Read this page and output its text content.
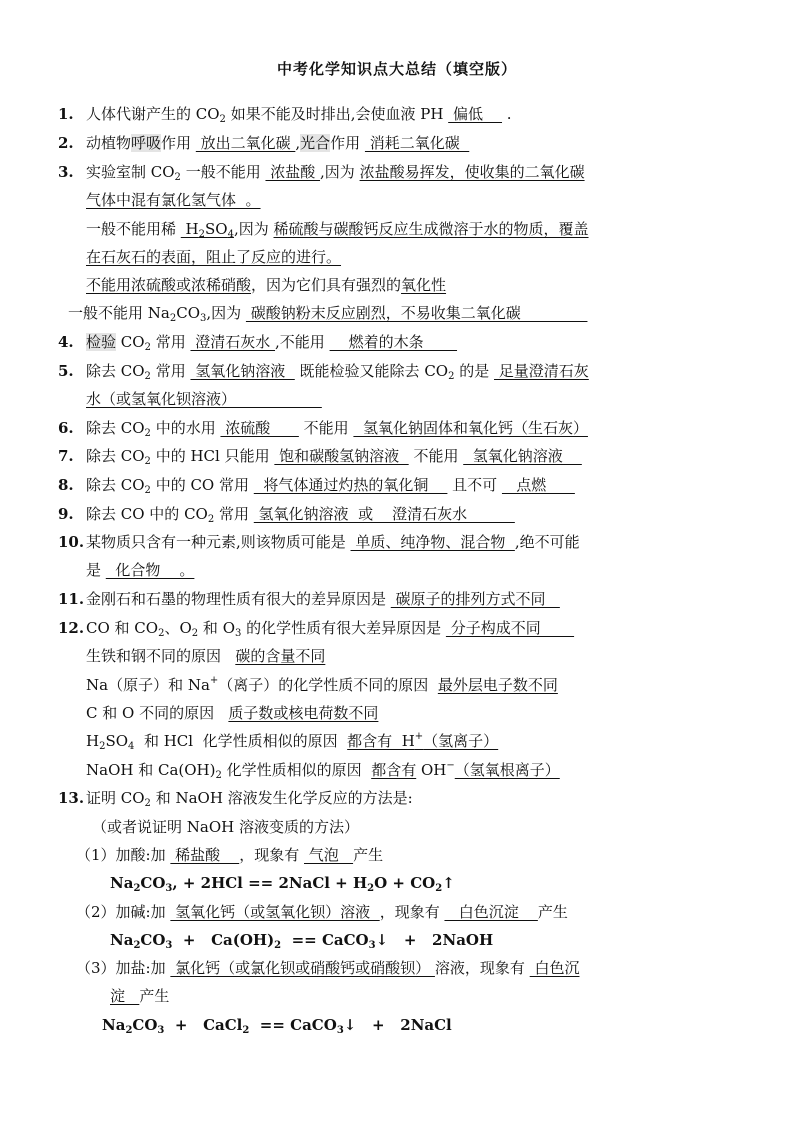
中考化学知识点大总结（填空版）
1. 人体代谢产生的 $CO_2$ 如果不能及时排出,会使血液 PH  偏低     .
2. 动植物呼吸作用  放出二氧化碳 ,光合作用  消耗二氧化碳
3. 实验室制 $CO_2$ 一般不能用  浓盐酸 ,因为 浓盐酸易挥发，使收集的二氧化碳
气体中混有氯化氢气体  。
一般不能用稀  $H_2SO_4$,因为 稀硫酸与碳酸钙反应生成微溶于水的物质，覆盖
在石灰石的表面，阻止了反应的进行。
不能用浓硫酸或浓稀硝酸，因为它们具有强烈的氧化性
一般不能用 $Na_2CO_3$,因为  碳酸钠粉末反应剧烈，不易收集二氧化碳
4. 检验 $CO_2$ 常用  澄清石灰水 ,不能用     燃着的木条
5. 除去 $CO_2$ 常用  氢氧化钠溶液   既能检验又能除去 $CO_2$ 的是  足量澄清石灰
水（或氢氧化钡溶液）
6. 除去 $CO_2$ 中的水用  浓硫酸       不能用   氢氧化钠固体和氧化钙（生石灰）
7. 除去 $CO_2$ 中的 HCl 只能用  饱和碳酸氢钠溶液   不能用   氢氧化钠溶液
8. 除去 $CO_2$ 中的 CO 常用   将气体通过灼热的氧化铜     且不可    点燃
9. 除去 CO 中的 $CO_2$ 常用  氢氧化钠溶液  或    澄清石灰水
10. 某物质只含有一种元素,则该物质可能是  单质、纯净物、混合物  ,绝不可能
是   化合物    。
11. 金刚石和石墨的物理性质有很大的差异原因是  碳原子的排列方式不同
12. CO 和 $CO_2$、$O_2$ 和 $O_3$ 的化学性质有很大差异原因是  分子构成不同
生铁和钢不同的原因   碳的含量不同
Na（原子）和 Na+（离子）的化学性质不同的原因  最外层电子数不同
C 和 O 不同的原因   质子数或核电荷数不同
$H_2SO_4$  和 HCl  化学性质相似的原因  都含有  H+（氢离子）
NaOH 和 $Ca(OH)_2$ 化学性质相似的原因  都含有 OH−（氢氧根离子）
13. 证明 $CO_2$ 和 NaOH 溶液发生化学反应的方法是:
（或者说证明 NaOH 溶液变质的方法）
（1）加酸:加  稀盐酸    ，现象有  气泡   产生
$Na_2CO_3$, + 2HCl == 2NaCl + $H_2O$ + $CO_2↑$
（2）加碱:加  氢氧化钙（或氢氧化钡）溶液  ，现象有    白色沉淀    产生
$Na_2CO_3 + Ca(OH)_2$  == CaCO$_3$↓   +   2NaOH
（3）加盐:加  氯化钙（或氯化钡或硝酸钙或硝酸钡） 溶液，现象有  白色沉
淀   产生
$Na_2CO_3$  +   CaCl$_2$  == CaCO$_3$↓   +   2NaCl
